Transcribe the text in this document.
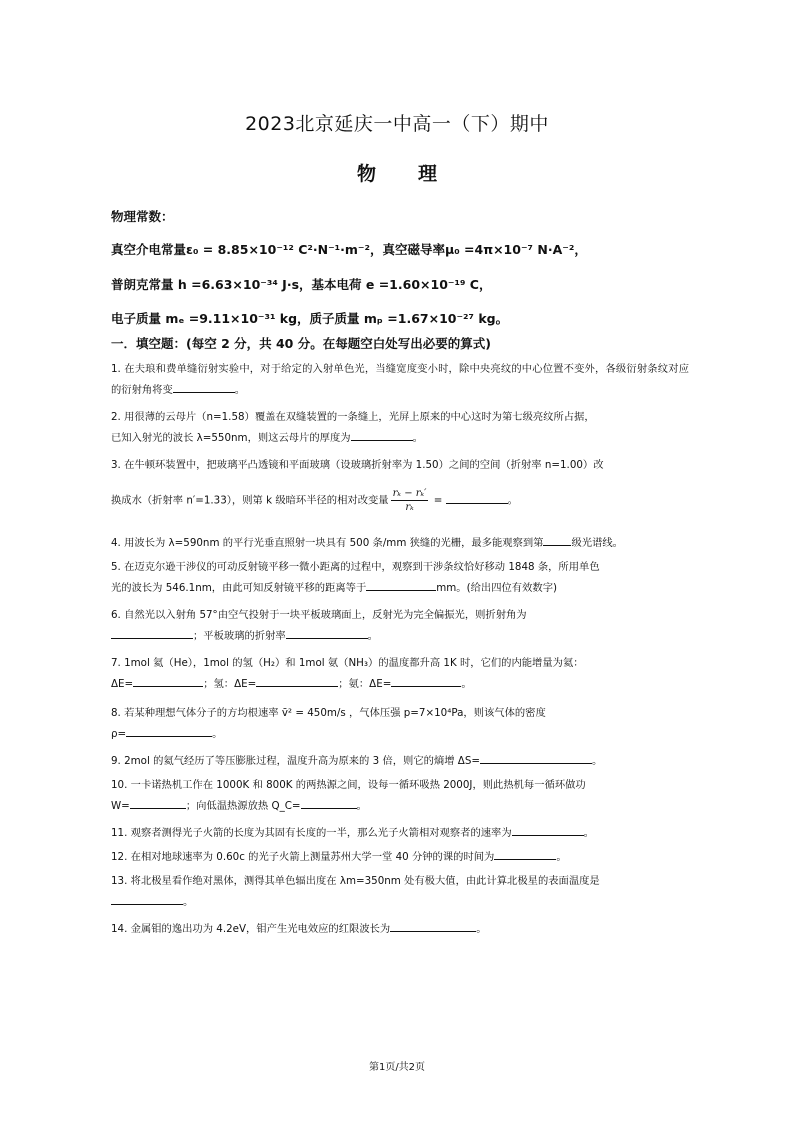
2023北京延庆一中高一（下）期中
物理
物理常数：
真空介电常量ε₀ = 8.85×10⁻¹² C²·N⁻¹·m⁻²，真空磁导率μ₀ =4π×10⁻⁷ N·A⁻²，
普朗克常量 h =6.63×10⁻³⁴ J·s，基本电荷 e =1.60×10⁻¹⁹ C，
电子质量 mₑ =9.11×10⁻³¹ kg，质子质量 mₚ =1.67×10⁻²⁷ kg。
一．填空题：(每空 2 分，共 40 分。在每题空白处写出必要的算式)
1. 在夫琅和费单缝衍射实验中，对于给定的入射单色光，当缝宽度变小时，除中央亮纹的中心位置不变外，各级衍射条纹对应的衍射角将变	。
2. 用很薄的云母片（n=1.58）覆盖在双缝装置的一条缝上，光屏上原来的中心这时为第七级亮纹所占据，
已知入射光的波长 λ=550nm，则这云母片的厚度为	。
3. 在牛顿环装置中，把玻璃平凸透镜和平面玻璃（设玻璃折射率为 1.50）之间的空间（折射率 n=1.00）改
换成水（折射率 n′=1.33），则第 k 级暗环半径的相对改变量 $\frac{\text{rₖ − rₖ′}}{\text{rₖ}}$ =	。
4. 用波长为 λ=590nm 的平行光垂直照射一块具有 500 条/mm 狭缝的光栅，最多能观察到第	级光谱线。
5. 在迈克尔逊干涉仪的可动反射镜平移一微小距离的过程中，观察到干涉条纹恰好移动 1848 条，所用单色
光的波长为 546.1nm，由此可知反射镜平移的距离等于	mm。(给出四位有效数字)
6. 自然光以入射角 57°由空气投射于一块平板玻璃面上，反射光为完全偏振光，则折射角为
；平板玻璃的折射率	。
7. 1mol 氦（He），1mol 的氢（H₂）和 1mol 氨（NH₃）的温度都升高 1K 时，它们的内能增量为氦：
ΔE=	；氢：ΔE=	；氨：ΔE=	。
8. 若某种理想气体分子的方均根速率 v̄² = 450m/s ，气体压强 p=7×10⁴Pa，则该气体的密度
ρ=	。
9. 2mol 的氦气经历了等压膨胀过程，温度升高为原来的 3 倍，则它的熵增 ΔS=	。
10. 一卡诺热机工作在 1000K 和 800K 的两热源之间，设每一循环吸热 2000J，则此热机每一循环做功
W=	；向低温热源放热 Q_C=	。
11. 观察者测得光子火箭的长度为其固有长度的一半，那么光子火箭相对观察者的速率为	。
12. 在相对地球速率为 0.60c 的光子火箭上测量苏州大学一堂 40 分钟的课的时间为	。
13. 将北极星看作绝对黑体，测得其单色辐出度在 λm=350nm 处有极大值，由此计算北极星的表面温度是
。
14. 金属钼的逸出功为 4.2eV，钼产生光电效应的红限波长为	。
第1页/共2页
